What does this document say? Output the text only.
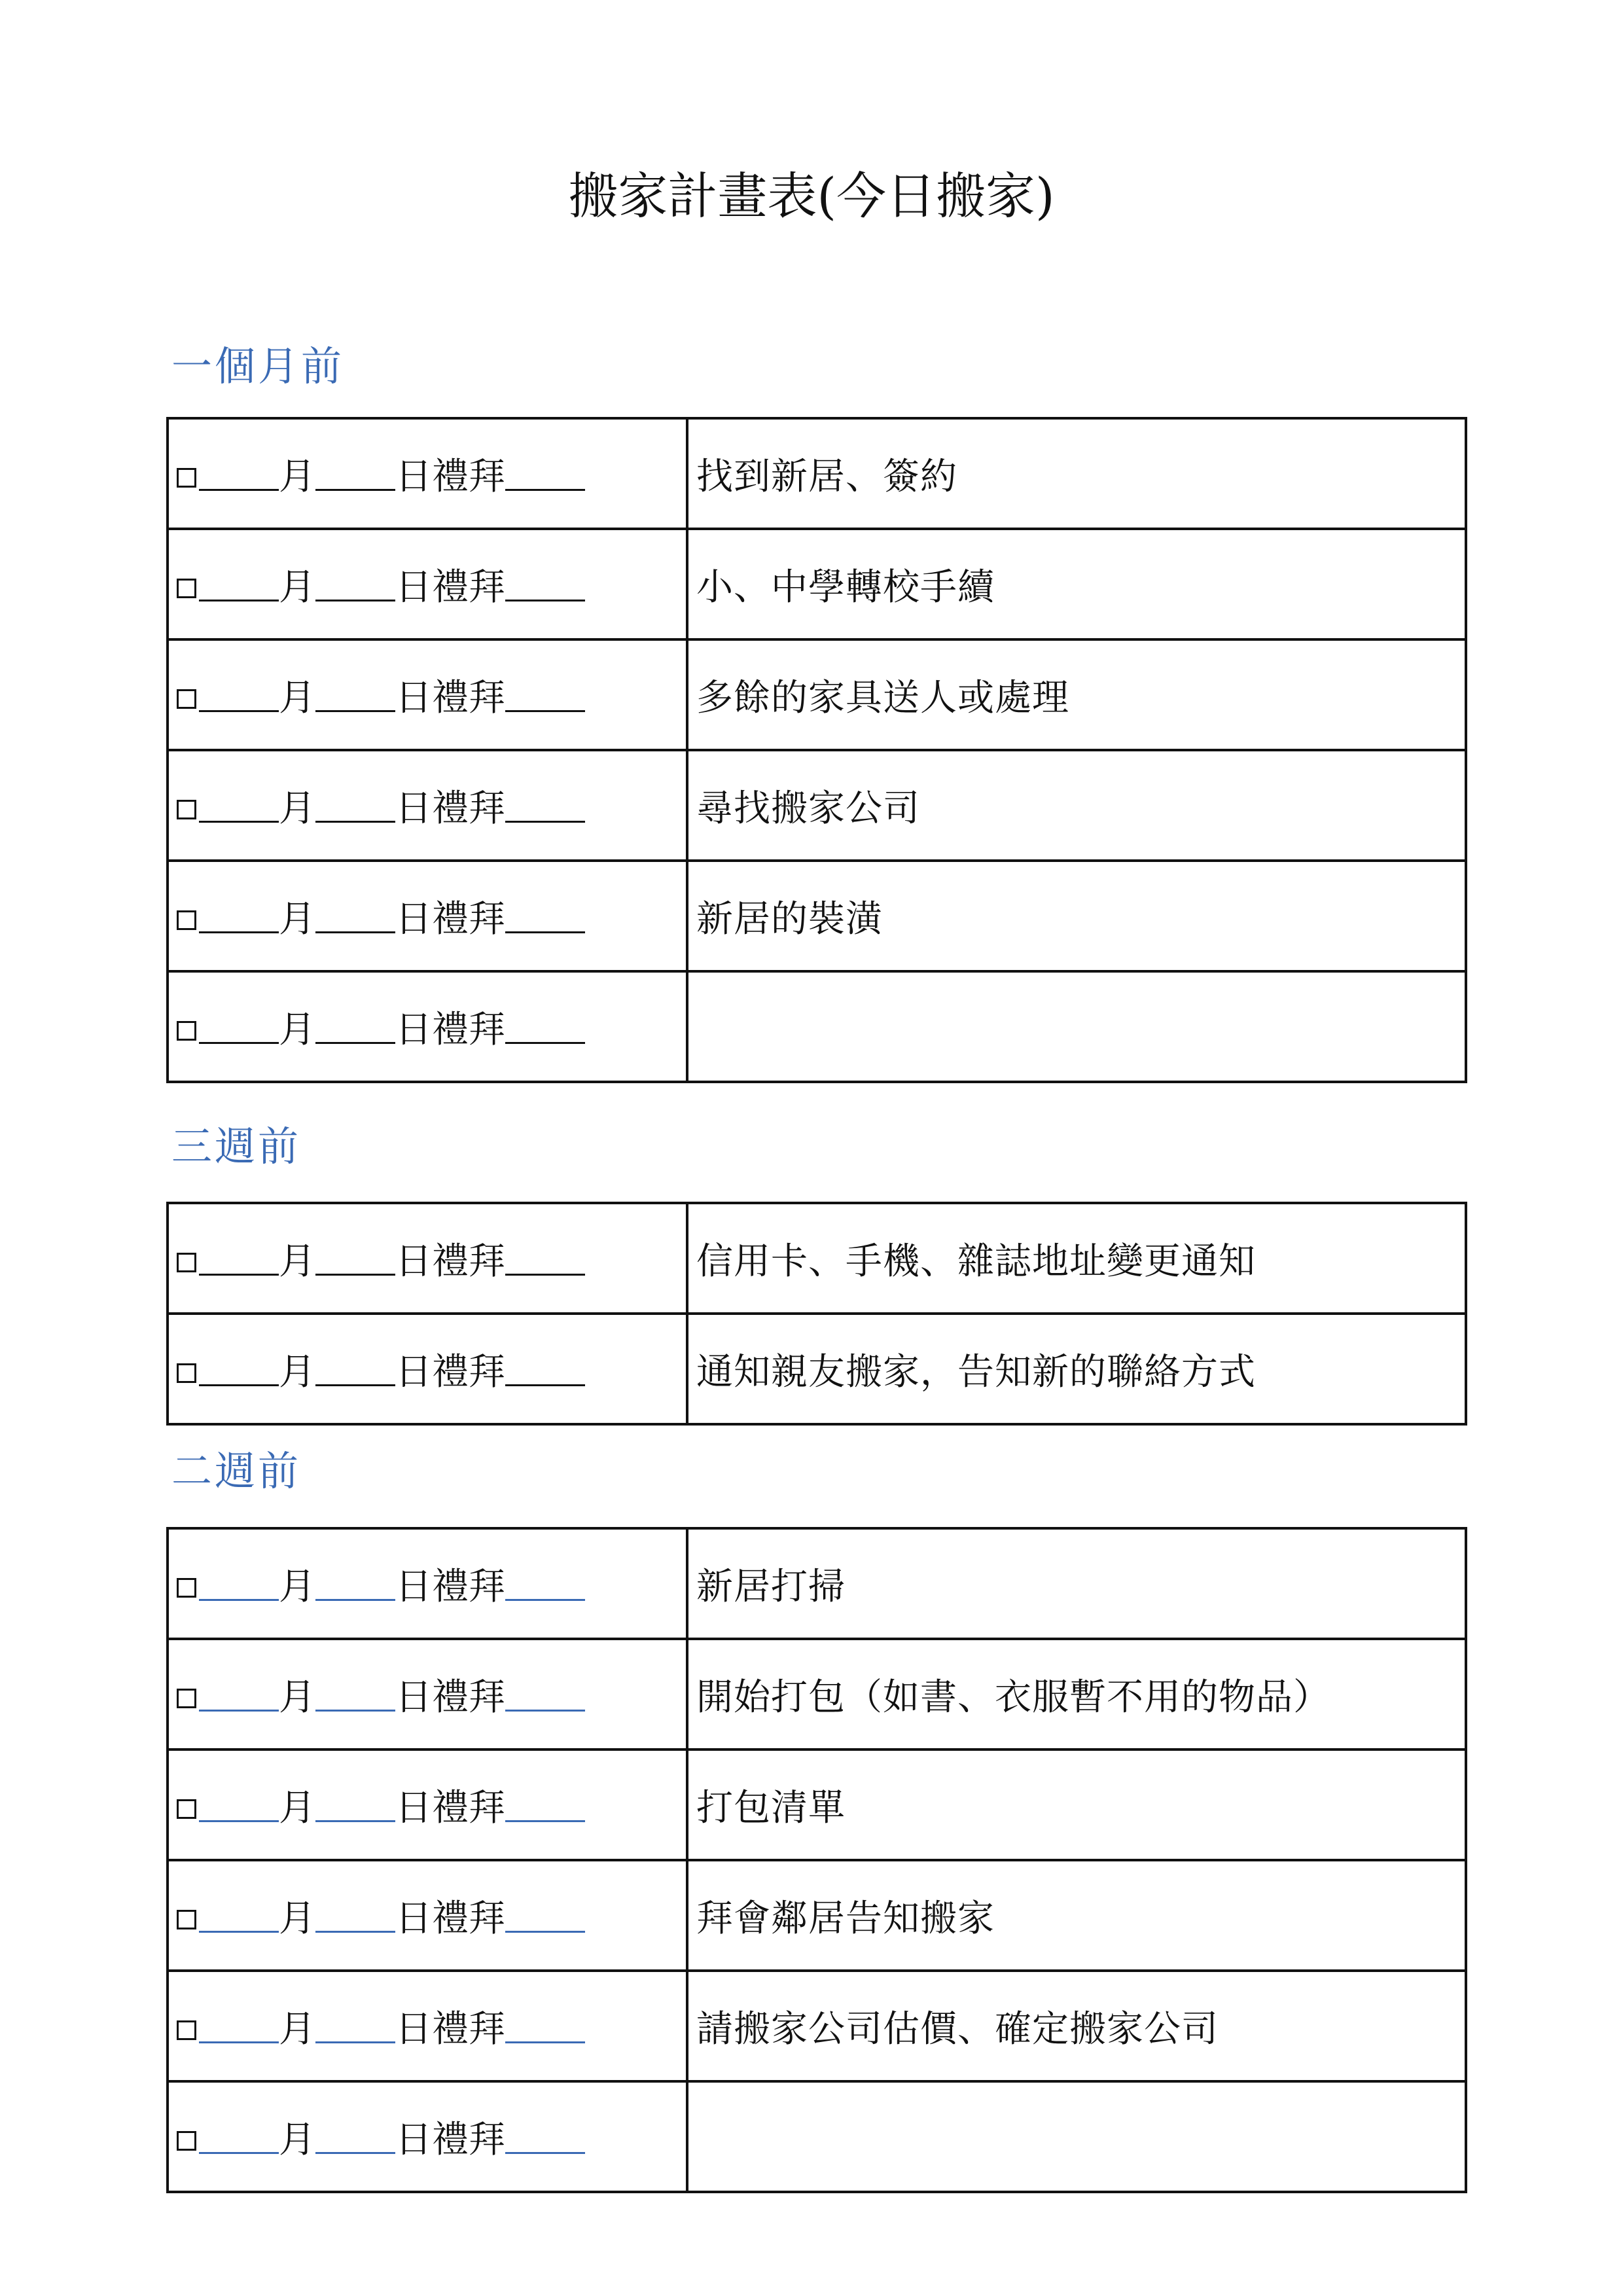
搬家計畫表(今日搬家)
一個月前
月 日 禮拜	找到新居、簽約

月 日 禮拜	小、中學轉校手續

月 日 禮拜	多餘的家具送人或處理

月 日 禮拜	尋找搬家公司

月 日 禮拜	新居的裝潢

月 日 禮拜	

三週前
月 日 禮拜	信用卡、手機、雜誌地址變更通知

月 日 禮拜	通知親友搬家，告知新的聯絡方式
二週前
月 日 禮拜	新居打掃

月 日 禮拜	開始打包（如書、衣服暫不用的物品）

月 日 禮拜	打包清單

月 日 禮拜	拜會鄰居告知搬家

月 日 禮拜	請搬家公司估價、確定搬家公司

月 日 禮拜	
